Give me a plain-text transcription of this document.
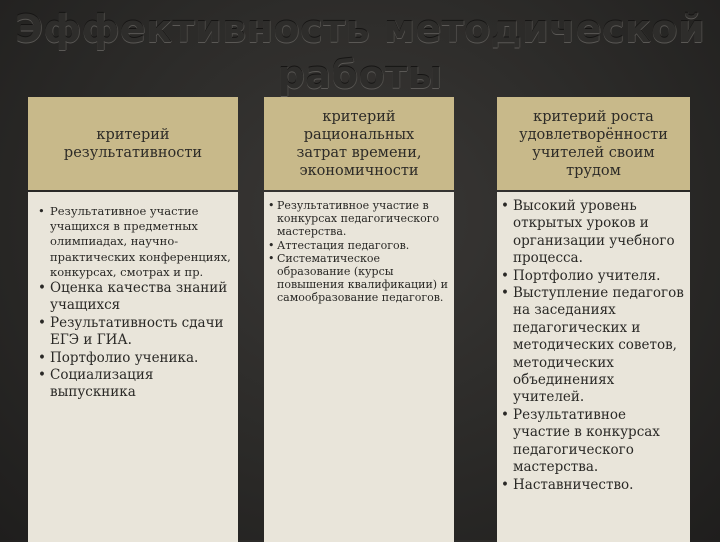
Эффективность методической работы
критерий результативности
• Результативное участие учащихся в предметных олимпиадах, научно-практических конференциях, конкурсах, смотрах и пр.
• Оценка качества знаний учащихся
• Результативность сдачи ЕГЭ и ГИА.
• Портфолио ученика.
• Социализация выпускника
критерий рациональных затрат времени, экономичности
• Результативное участие в конкурсах педагогического мастерства.
• Аттестация педагогов.
• Систематическое образование (курсы повышения квалификации) и самообразование педагогов.
критерий роста удовлетворённости учителей своим трудом
• Высокий уровень открытых уроков и организации учебного процесса.
• Портфолио учителя.
• Выступление педагогов на заседаниях педагогических и методических советов, методических объединениях учителей.
• Результативное участие в конкурсах педагогического мастерства.
• Наставничество.
